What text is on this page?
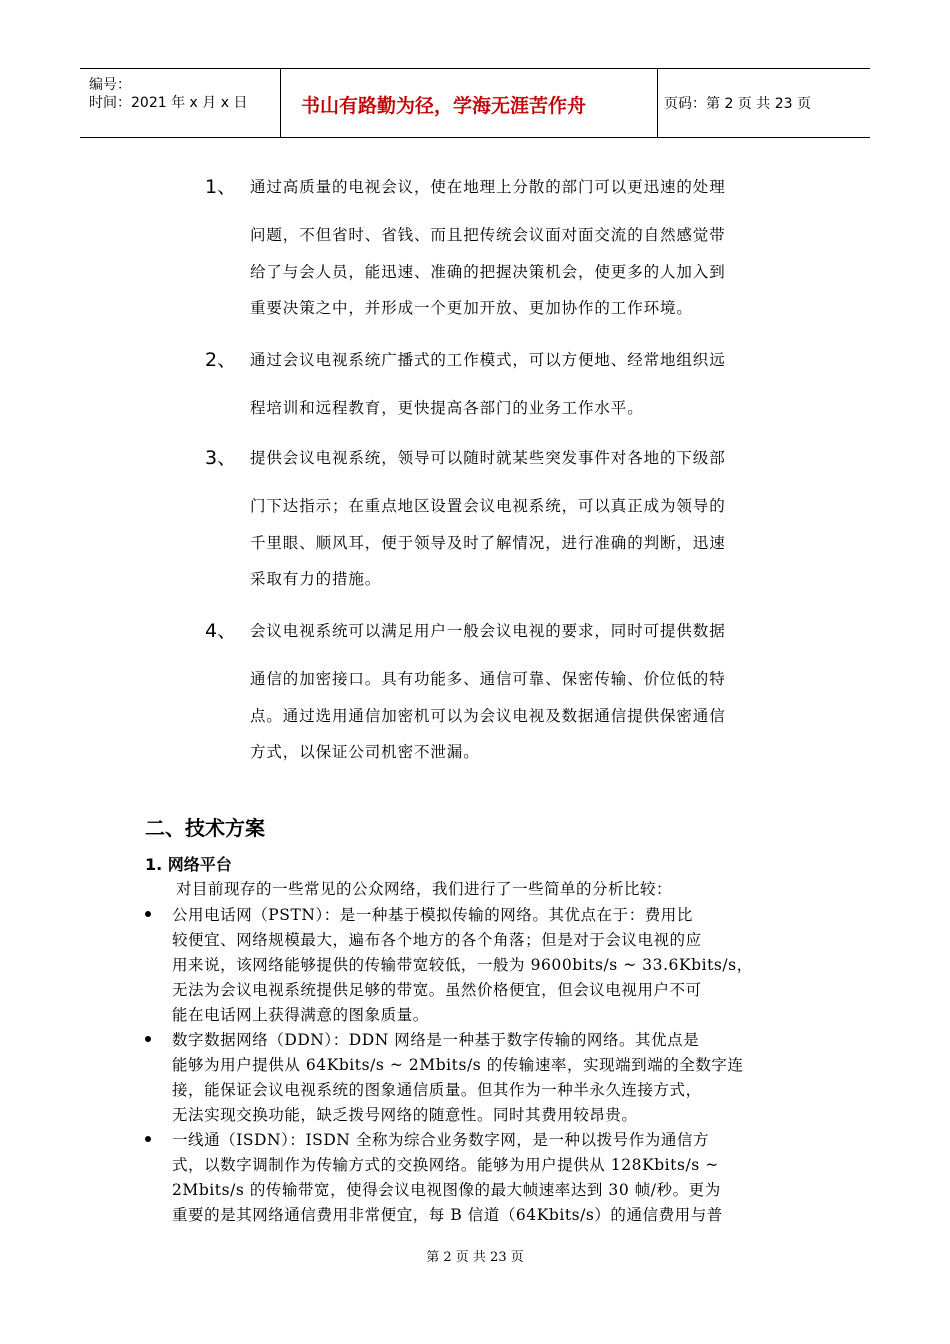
编号：
时间：2021 年 x 月 x 日	书山有路勤为径，学海无涯苦作舟	页码：第 2 页 共 23 页
1、 通过高质量的电视会议，使在地理上分散的部门可以更迅速的处理
问题，不但省时、省钱、而且把传统会议面对面交流的自然感觉带
给了与会人员，能迅速、准确的把握决策机会，使更多的人加入到
重要决策之中，并形成一个更加开放、更加协作的工作环境。
2、 通过会议电视系统广播式的工作模式，可以方便地、经常地组织远
程培训和远程教育，更快提高各部门的业务工作水平。
3、 提供会议电视系统，领导可以随时就某些突发事件对各地的下级部
门下达指示；在重点地区设置会议电视系统，可以真正成为领导的
千里眼、顺风耳，便于领导及时了解情况，进行准确的判断，迅速
采取有力的措施。
4、 会议电视系统可以满足用户一般会议电视的要求，同时可提供数据
通信的加密接口。具有功能多、通信可靠、保密传输、价位低的特
点。通过选用通信加密机可以为会议电视及数据通信提供保密通信
方式，以保证公司机密不泄漏。
二、技术方案
1. 网络平台
对目前现存的一些常见的公众网络，我们进行了一些简单的分析比较：
公用电话网（PSTN）：是一种基于模拟传输的网络。其优点在于：费用比
较便宜、网络规模最大，遍布各个地方的各个角落；但是对于会议电视的应
用来说，该网络能够提供的传输带宽较低，一般为 9600bits/s ~ 33.6Kbits/s，
无法为会议电视系统提供足够的带宽。虽然价格便宜，但会议电视用户不可
能在电话网上获得满意的图象质量。
数字数据网络（DDN）：DDN 网络是一种基于数字传输的网络。其优点是
能够为用户提供从 64Kbits/s ~ 2Mbits/s 的传输速率，实现端到端的全数字连
接，能保证会议电视系统的图象通信质量。但其作为一种半永久连接方式，
无法实现交换功能，缺乏拨号网络的随意性。同时其费用较昂贵。
一线通（ISDN）：ISDN 全称为综合业务数字网，是一种以拨号作为通信方
式，以数字调制作为传输方式的交换网络。能够为用户提供从 128Kbits/s ~
2Mbits/s 的传输带宽，使得会议电视图像的最大帧速率达到 30 帧/秒。更为
重要的是其网络通信费用非常便宜，每 B 信道（64Kbits/s）的通信费用与普
第 2 页 共 23 页
